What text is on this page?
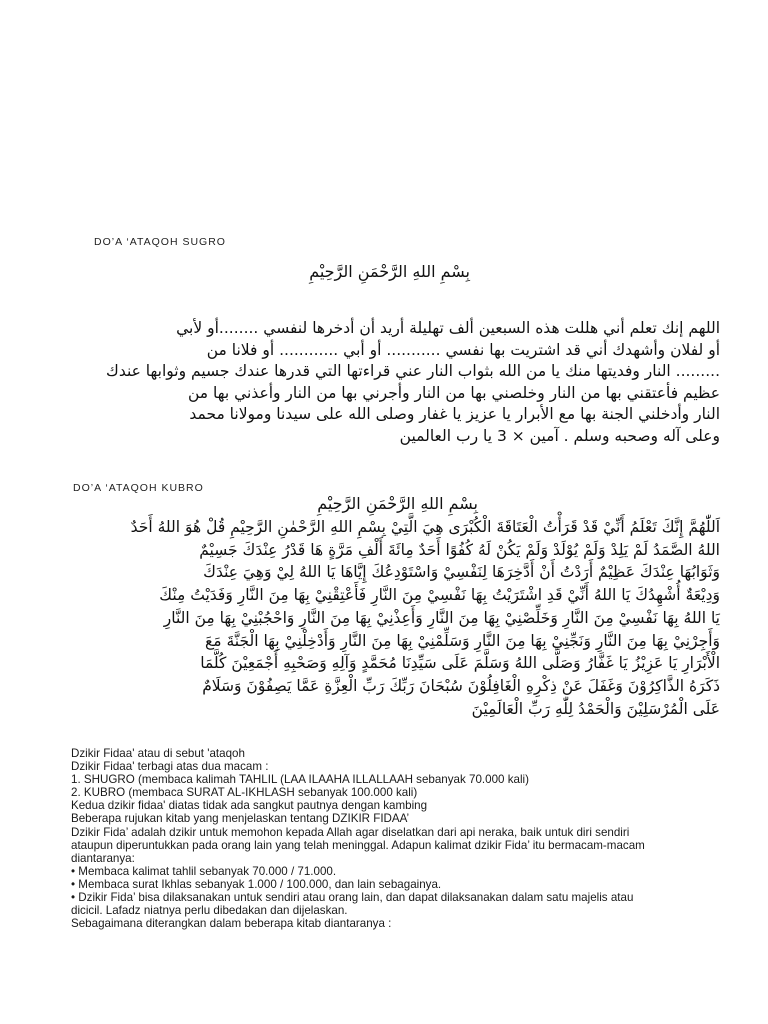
DO’A ‘ATAQOH SUGRO
بِسْمِ اللهِ الرَّحْمَنِ الرَّحِيْمِ
اللهم إنك تعلم أني هللت هذه السبعين ألف تهليلة أريد أن أدخرها لنفسي ........أو لأبي
أو لفلان وأشهدك أني قد اشتريت بها نفسي ........... أو أبي ............ أو فلانا من
......... النار وفديتها منك يا من الله بثواب النار عني قراءتها التي قدرها عندك جسيم وثوابها عندك
عظيم فأعتقني بها من النار وخلصني بها من النار وأجرني بها من النار وأعذني بها من
النار وأدخلني الجنة بها مع الأبرار يا عزيز يا غفار وصلى الله على سيدنا ومولانا محمد
وعلى آله وصحبه وسلم . آمين × 3 يا رب العالمين
DO’A ‘ATAQOH KUBRO
بِسْمِ اللهِ الرَّحْمَنِ الرَّحِيْمِ
اَللّٰهُمَّ إِنَّكَ تَعْلَمُ أَنِّيْ قَدْ قَرَأْتُ الْعَتَاقَةَ الْكُبْرَى هِيَ الَّتِيْ بِسْمِ اللهِ الرَّحْمٰنِ الرَّحِيْمِ قُلْ هُوَ اللهُ أَحَدٌ
اللهُ الصَّمَدُ لَمْ يَلِدْ وَلَمْ يُوْلَدْ وَلَمْ يَكُنْ لَهُ كُفُوًا أَحَدٌ مِائَةَ أَلْفِ مَرَّةٍ هَا قَدْرُ عِنْدَكَ جَسِيْمٌ
وَثَوَابُهَا عِنْدَكَ عَظِيْمٌ أَرَدْتُ أَنْ أَدَّخِرَهَا لِنَفْسِيْ وَاسْتَوْدِعُكَ إِيَّاهَا يَا اللهُ لِيْ وَهِيَ عِنْدَكَ
وَدِيْعَةٌ أُشْهِدُكَ يَا اللهُ أَنِّيْ قَدِ اشْتَرَيْتُ بِهَا نَفْسِيْ مِنَ النَّارِ فَأَعْتِقْنِيْ بِهَا مِنَ النَّارِ وَفَدَيْتُ مِنْكَ
يَا اللهُ بِهَا نَفْسِيْ مِنَ النَّارِ وَخَلِّصْنِيْ بِهَا مِنَ النَّارِ وَأَعِذْنِيْ بِهَا مِنَ النَّارِ وَاحْجُبْنِيْ بِهَا مِنَ النَّارِ
وَأَجِرْنِيْ بِهَا مِنَ النَّارِ وَنَجِّنِيْ بِهَا مِنَ النَّارِ وَسَلِّمْنِيْ بِهَا مِنَ النَّارِ وَأَدْخِلْنِيْ بِهَا الْجَنَّةَ مَعَ
الْأَبْرَارِ يَا عَزِيْزُ يَا غَفَّارُ وَصَلَّى اللهُ وَسَلَّمَ عَلَى سَيِّدِنَا مُحَمَّدٍ وَآلِهِ وَصَحْبِهِ أَجْمَعِيْنَ كُلَّمَا
ذَكَرَهُ الذَّاكِرُوْنَ وَغَفَلَ عَنْ ذِكْرِهِ الْغَافِلُوْنَ سُبْحَانَ رَبِّكَ رَبِّ الْعِزَّةِ عَمَّا يَصِفُوْنَ وَسَلَامٌ
عَلَى الْمُرْسَلِيْنَ وَالْحَمْدُ لِلّٰهِ رَبِّ الْعَالَمِيْنَ
Dzikir Fidaa' atau di sebut 'ataqoh
Dzikir Fidaa' terbagi atas dua macam :
1. SHUGRO (membaca kalimah TAHLIL (LAA ILAAHA ILLALLAAH sebanyak 70.000 kali)
2. KUBRO (membaca SURAT AL-IKHLASH sebanyak 100.000 kali)
Kedua dzikir fidaa' diatas tidak ada sangkut pautnya dengan kambing
Beberapa rujukan kitab yang menjelaskan tentang DZIKIR FIDAA’
Dzikir Fida’ adalah dzikir untuk memohon kepada Allah agar diselatkan dari api neraka, baik untuk diri sendiri
ataupun diperuntukkan pada orang lain yang telah meninggal. Adapun kalimat dzikir Fida’ itu bermacam-macam
diantaranya:
• Membaca kalimat tahlil sebanyak 70.000 / 71.000.
• Membaca surat Ikhlas sebanyak 1.000 / 100.000, dan lain sebagainya.
• Dzikir Fida’ bisa dilaksanakan untuk sendiri atau orang lain, dan dapat dilaksanakan dalam satu majelis atau
dicicil. Lafadz niatnya perlu dibedakan dan dijelaskan.
Sebagaimana diterangkan dalam beberapa kitab diantaranya :
